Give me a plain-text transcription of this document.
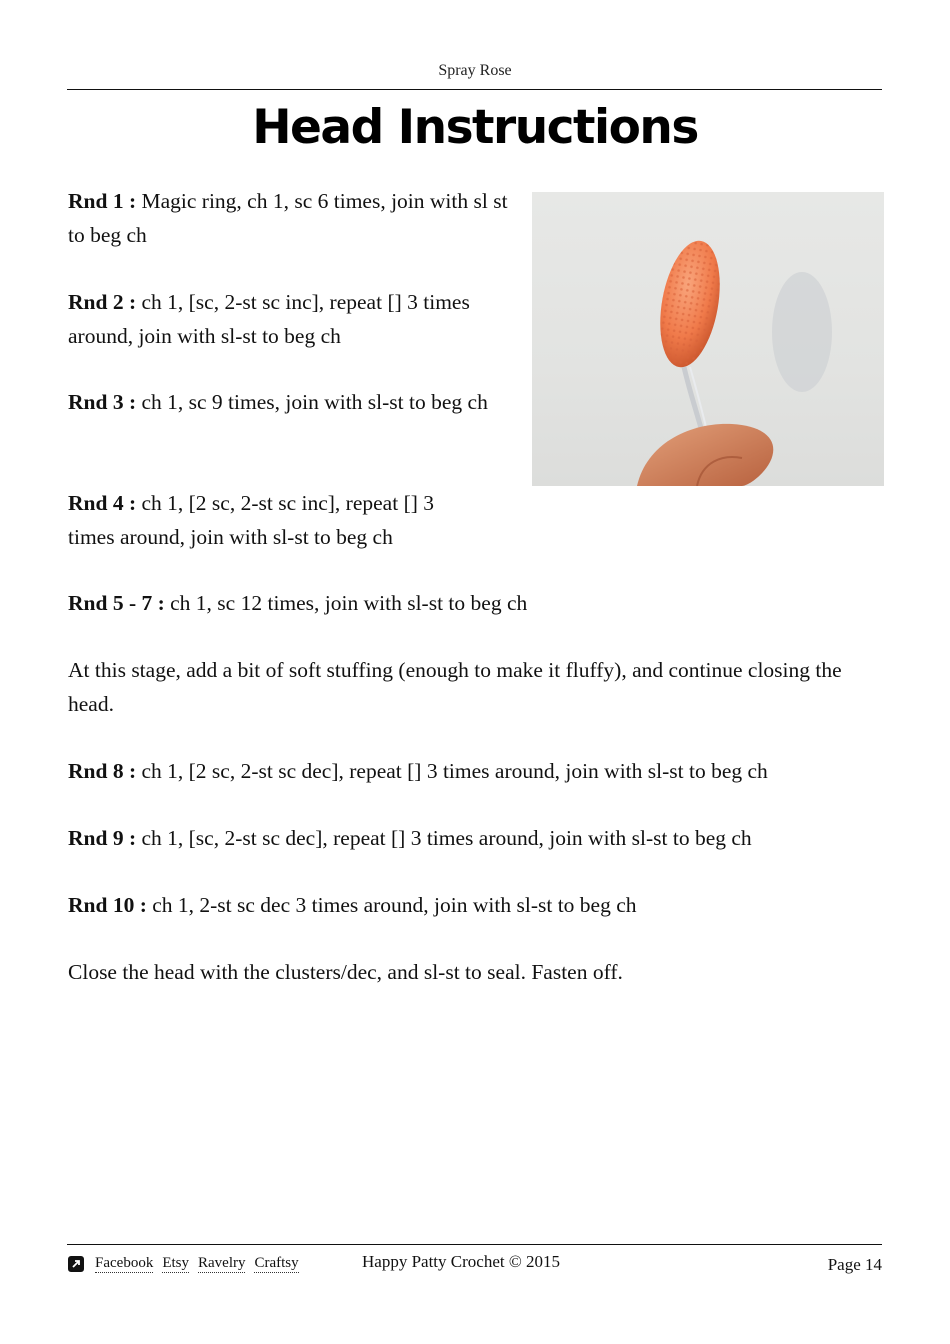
Spray Rose
Head Instructions

Rnd 1 : Magic ring, ch 1, sc 6 times, join with sl st to beg ch

Rnd 2 : ch 1, [sc, 2-st sc inc], repeat [] 3 times around, join with sl-st to beg ch

Rnd 3 : ch 1, sc 9 times, join with sl-st to beg ch

Rnd 4 : ch 1, [2 sc, 2-st sc inc], repeat [] 3 times around, join with sl-st to beg ch

Rnd 5 - 7 : ch 1, sc 12 times, join with sl-st to beg ch

At this stage, add a bit of soft stuffing (enough to make it fluffy), and continue closing the head.

Rnd 8 : ch 1, [2 sc, 2-st sc dec], repeat [] 3 times around, join with sl-st to beg ch

Rnd 9 : ch 1, [sc, 2-st sc dec], repeat [] 3 times around, join with sl-st to beg ch

Rnd 10 : ch 1, 2-st sc dec 3 times around, join with sl-st to beg ch

Close the head with the clusters/dec, and sl-st to seal. Fasten off.

Facebook Etsy Ravelry Craftsy	Happy Patty Crochet © 2015	Page 14
